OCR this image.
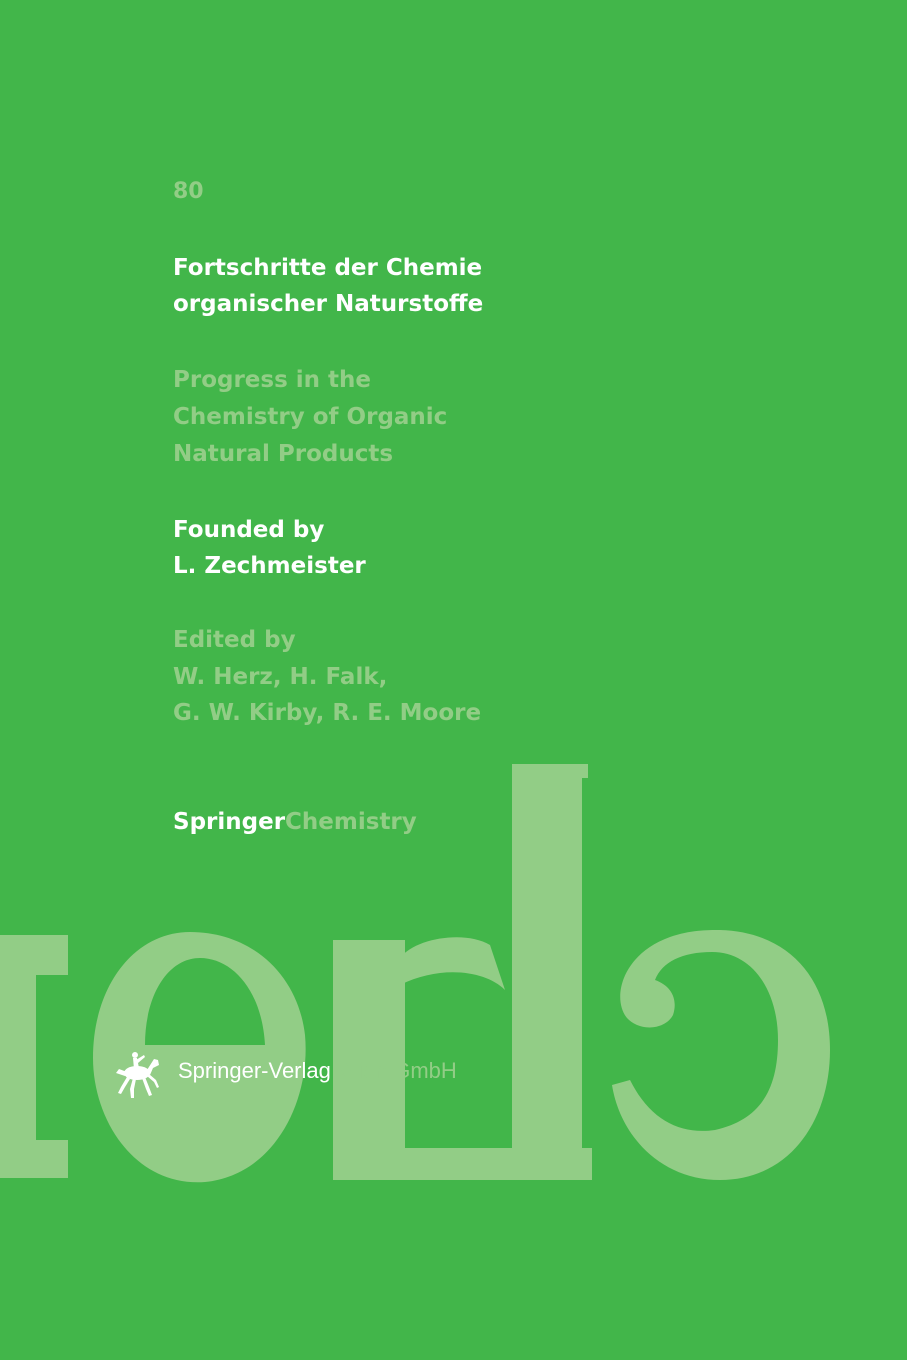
80
Fortschritte der Chemie
organischer Naturstoffe
Progress in the
Chemistry of Organic
Natural Products
Founded by
L. Zechmeister
Edited by
W. Herz, H. Falk,
G. W. Kirby, R. E. Moore
SpringerChemistry
Springer-Verlag Wien GmbH
